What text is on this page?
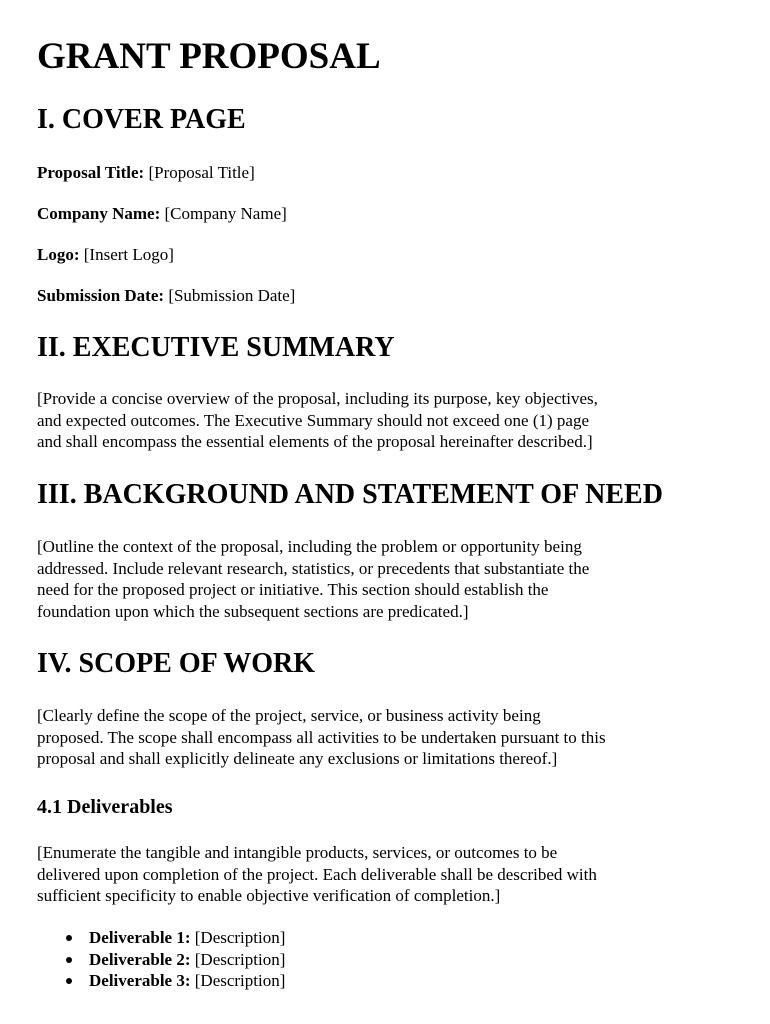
GRANT PROPOSAL
I. COVER PAGE

Proposal Title: [Proposal Title]

Company Name: [Company Name]

Logo: [Insert Logo]

Submission Date: [Submission Date]

II. EXECUTIVE SUMMARY

[Provide a concise overview of the proposal, including its purpose, key objectives,
and expected outcomes. The Executive Summary should not exceed one (1) page
and shall encompass the essential elements of the proposal hereinafter described.]

III. BACKGROUND AND STATEMENT OF NEED

[Outline the context of the proposal, including the problem or opportunity being
addressed. Include relevant research, statistics, or precedents that substantiate the
need for the proposed project or initiative. This section should establish the
foundation upon which the subsequent sections are predicated.]

IV. SCOPE OF WORK

[Clearly define the scope of the project, service, or business activity being
proposed. The scope shall encompass all activities to be undertaken pursuant to this
proposal and shall explicitly delineate any exclusions or limitations thereof.]

4.1 Deliverables

[Enumerate the tangible and intangible products, services, or outcomes to be
delivered upon completion of the project. Each deliverable shall be described with
sufficient specificity to enable objective verification of completion.]

Deliverable 1: [Description]
Deliverable 2: [Description]
Deliverable 3: [Description]
